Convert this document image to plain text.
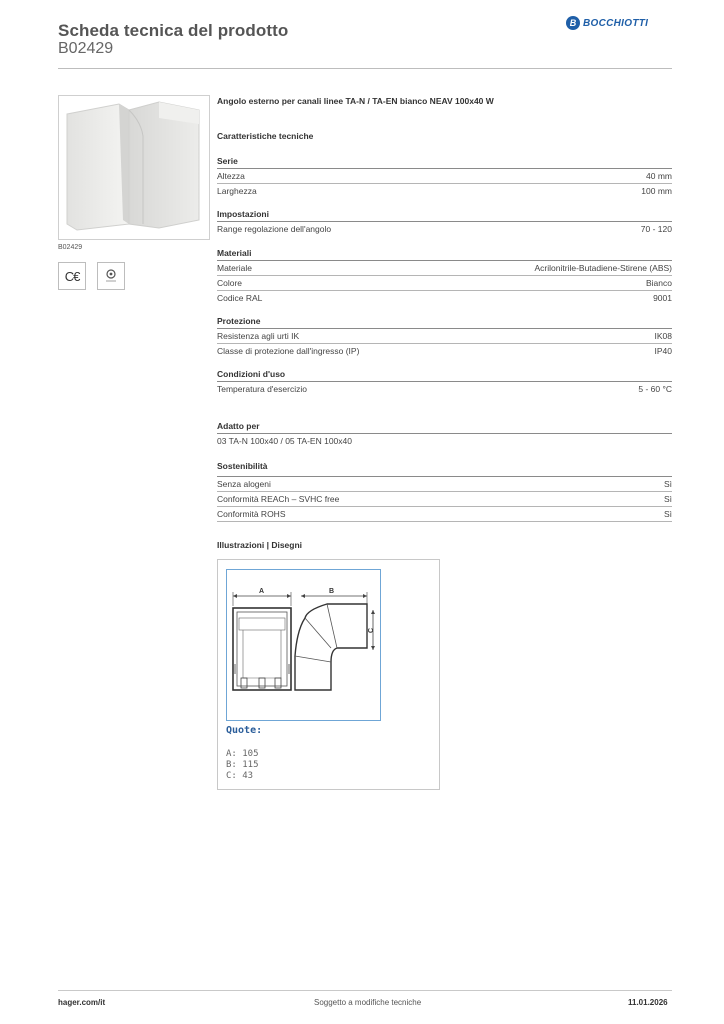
Scheda tecnica del prodotto
B02429
B BOCCHIOTTI
B02429
C€
Angolo esterno per canali linee TA-N / TA-EN bianco NEAV 100x40 W
Caratteristiche tecniche
Serie
Altezza	40 mm
Larghezza	100 mm
Impostazioni
Range regolazione dell'angolo	70 - 120
Materiali
Materiale	Acrilonitrile-Butadiene-Stirene (ABS)
Colore	Bianco
Codice RAL	9001
Protezione
Resistenza agli urti IK	IK08
Classe di protezione dall'ingresso (IP)	IP40
Condizioni d'uso
Temperatura d'esercizio	5 - 60 °C
Adatto per
03 TA-N 100x40 / 05 TA-EN 100x40
Sostenibilità
Senza alogeni	Sì
Conformità REACh – SVHC free	Sì
Conformità ROHS	Sì
Illustrazioni | Disegni
A	B
C
Quote:
A: 105
B: 115
C: 43
hager.com/it	Soggetto a modifiche tecniche	11.01.2026
